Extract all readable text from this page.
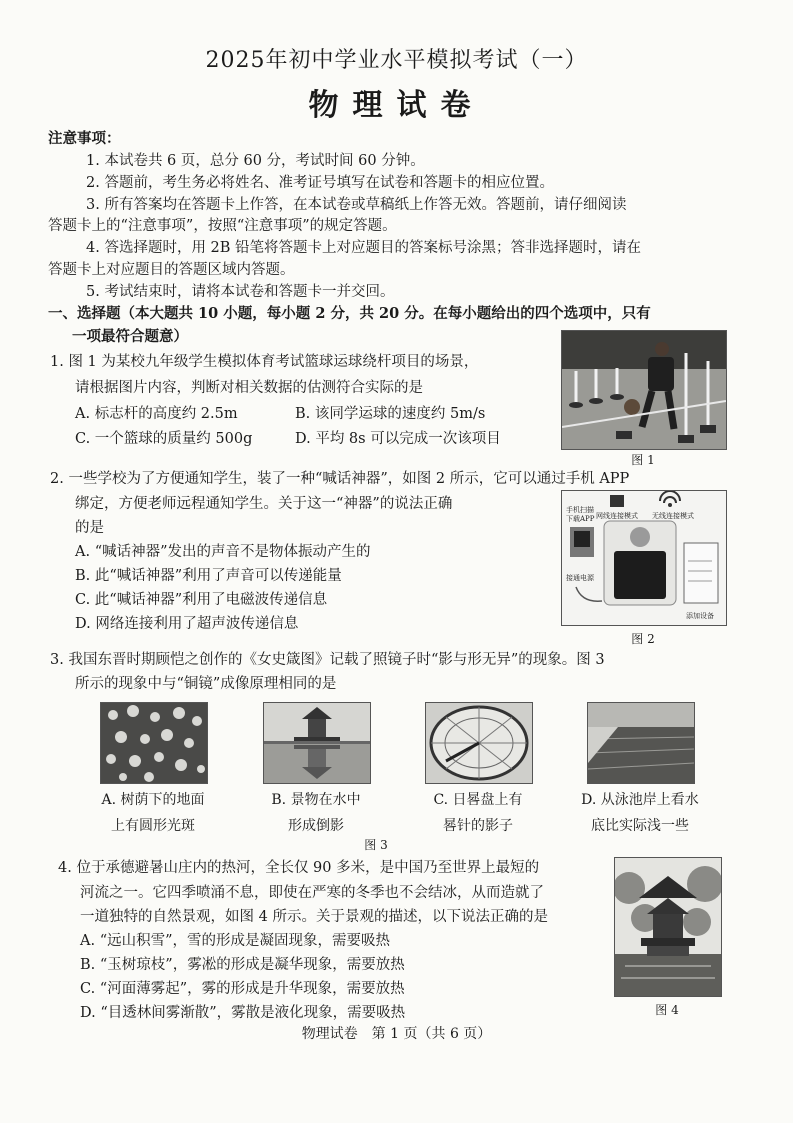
2025年初中学业水平模拟考试（一）
物理试卷
注意事项：
1. 本试卷共 6 页，总分 60 分，考试时间 60 分钟。
2. 答题前，考生务必将姓名、准考证号填写在试卷和答题卡的相应位置。
3. 所有答案均在答题卡上作答，在本试卷或草稿纸上作答无效。答题前，请仔细阅读
答题卡上的“注意事项”，按照“注意事项”的规定答题。
4. 答选择题时，用 2B 铅笔将答题卡上对应题目的答案标号涂黑；答非选择题时，请在
答题卡上对应题目的答题区域内答题。
5. 考试结束时，请将本试卷和答题卡一并交回。
一、选择题（本大题共 10 小题，每小题 2 分，共 20 分。在每小题给出的四个选项中，只有
一项最符合题意）
1. 图 1 为某校九年级学生模拟体育考试篮球运球绕杆项目的场景，
请根据图片内容，判断对相关数据的估测符合实际的是
A. 标志杆的高度约 2.5m	B. 该同学运球的速度约 5m/s
C. 一个篮球的质量约 500g	D. 平均 8s 可以完成一次该项目
图 1
2. 一些学校为了方便通知学生，装了一种“喊话神器”，如图 2 所示，它可以通过手机 APP
绑定，方便老师远程通知学生。关于这一“神器”的说法正确
的是
A. “喊话神器”发出的声音不是物体振动产生的
B. 此“喊话神器”利用了声音可以传递能量
C. 此“喊话神器”利用了电磁波传递信息
D. 网络连接利用了超声波传递信息
手机扫描
下载APP 网线连接模式 无线连接模式
接通电源
添加设备
图 2
3. 我国东晋时期顾恺之创作的《女史箴图》记载了照镜子时“影与形无异”的现象。图 3
所示的现象中与“铜镜”成像原理相同的是
A. 树荫下的地面
上有圆形光斑
B. 景物在水中
形成倒影
C. 日晷盘上有
晷针的影子
D. 从泳池岸上看水
底比实际浅一些
图 3
4. 位于承德避暑山庄内的热河，全长仅 90 多米，是中国乃至世界上最短的
河流之一。它四季喷涌不息，即使在严寒的冬季也不会结冰，从而造就了
一道独特的自然景观，如图 4 所示。关于景观的描述，以下说法正确的是
A. “远山积雪”，雪的形成是凝固现象，需要吸热
B. “玉树琼枝”，雾凇的形成是凝华现象，需要放热
C. “河面薄雾起”，雾的形成是升华现象，需要放热
D. “目透林间雾渐散”，雾散是液化现象，需要吸热	图 4
物理试卷　第 1 页（共 6 页）
